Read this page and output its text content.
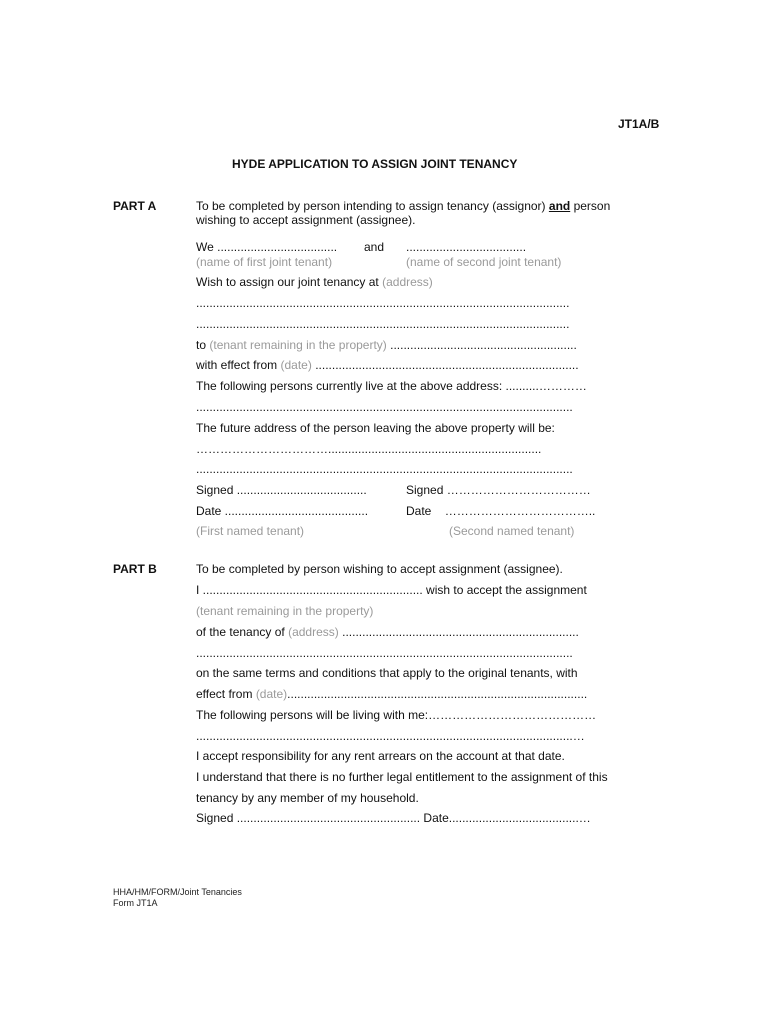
JT1A/B
HYDE APPLICATION TO ASSIGN JOINT TENANCY
PART A	To be completed by person intending to assign tenancy (assignor) and person
wishing to accept assignment (assignee).
We .................................... and ....................................
(name of first joint tenant)	(name of second joint tenant)
Wish to assign our joint tenancy at (address)
................................................................................................................
................................................................................................................
to (tenant remaining in the property) ........................................................
with effect from (date) ...............................................................................
The following persons currently live at the above address: ..........…………
.................................................................................................................
The future address of the person leaving the above property will be:
……………………………................................................................
.................................................................................................................
Signed .......................................	Signed ………………………………
Date ...........................................	Date ………………………………..
(First named tenant)	(Second named tenant)
PART B	To be completed by person wishing to accept assignment (assignee).
I .................................................................. wish to accept the assignment
(tenant remaining in the property)
of the tenancy of (address) .......................................................................
.................................................................................................................
on the same terms and conditions that apply to the original tenants, with
effect from (date)..........................................................................................
The following persons will be living with me:……………………………………
.................................................................................................................…
I accept responsibility for any rent arrears on the account at that date.
I understand that there is no further legal entitlement to the assignment of this
tenancy by any member of my household.
Signed ....................................................... Date.......................................…
HHA/HM/FORM/Joint Tenancies
Form JT1A
